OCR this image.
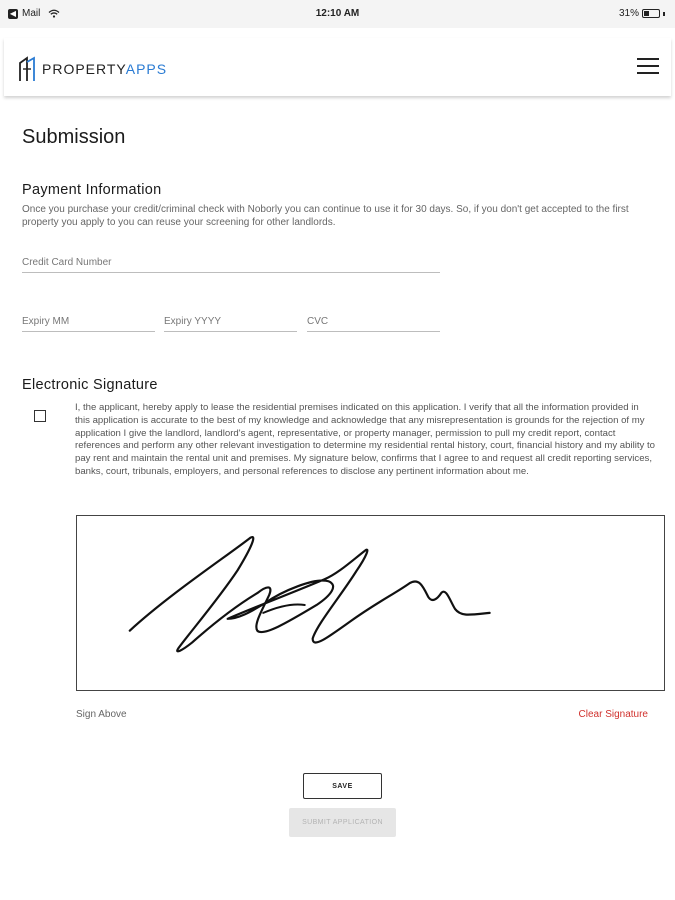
◀ Mail	12:10 AM	31%
PROPERTYAPPS
Submission
Payment Information
Once you purchase your credit/criminal check with Noborly you can continue to use it for 30 days. So, if you don't get accepted to the first property you apply to you can reuse your screening for other landlords.
Credit Card Number
Expiry MM
Expiry YYYY
CVC
Electronic Signature
I, the applicant, hereby apply to lease the residential premises indicated on this application. I verify that all the information provided in this application is accurate to the best of my knowledge and acknowledge that any misrepresentation is grounds for the rejection of my application I give the landlord, landlord's agent, representative, or property manager, permission to pull my credit report, contact references and perform any other relevant investigation to determine my residential rental history, court, financial history and my ability to pay rent and maintain the rental unit and premises. My signature below, confirms that I agree to and request all credit reporting services, banks, court, tribunals, employers, and personal references to disclose any pertinent information about me.
Sign Above	Clear Signature
SAVE
SUBMIT APPLICATION
